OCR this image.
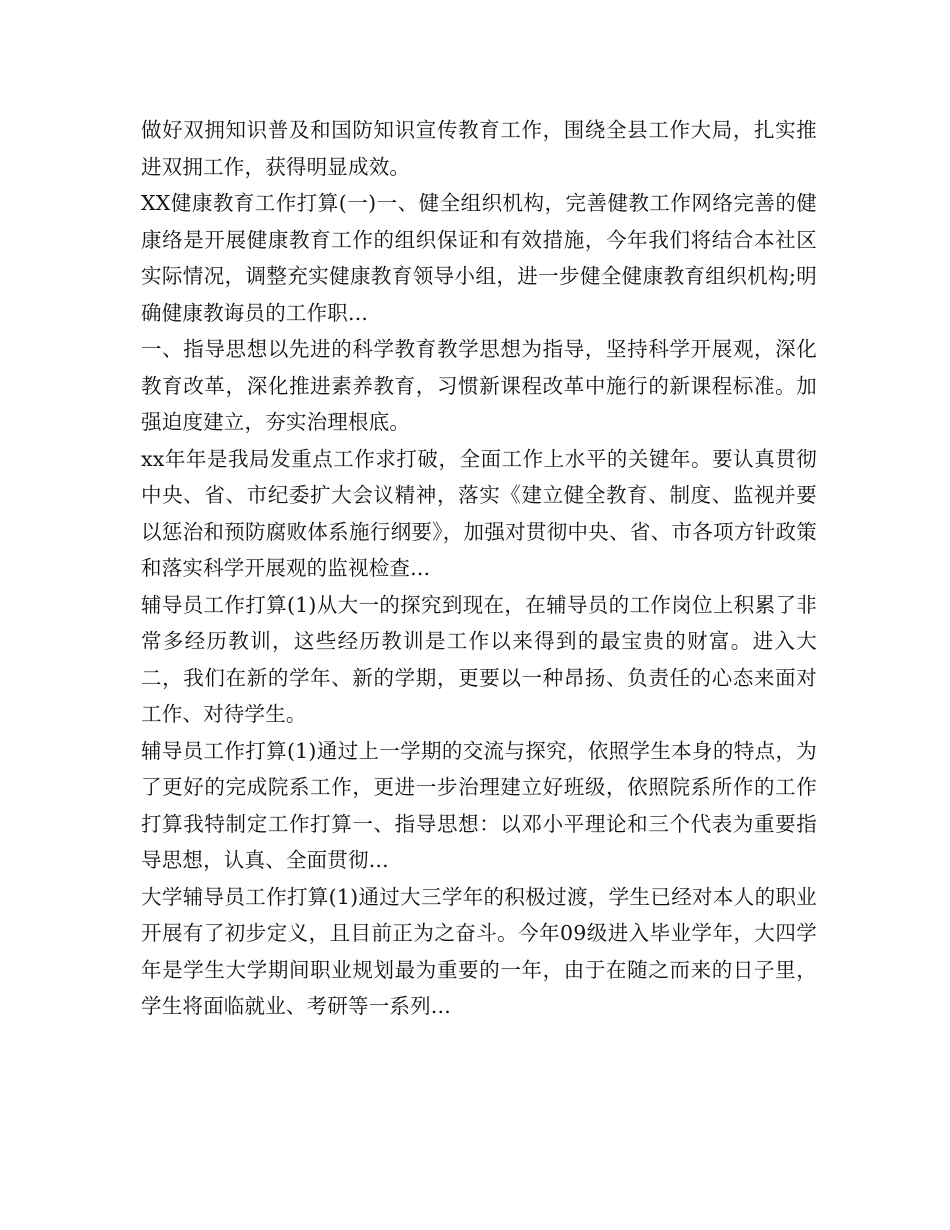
做好双拥知识普及和国防知识宣传教育工作，围绕全县工作大局，扎实推进双拥工作，获得明显成效。

XX健康教育工作打算(一)一、健全组织机构，完善健教工作网络完善的健康络是开展健康教育工作的组织保证和有效措施，今年我们将结合本社区实际情况，调整充实健康教育领导小组，进一步健全健康教育组织机构;明确健康教诲员的工作职...

一、指导思想以先进的科学教育教学思想为指导，坚持科学开展观，深化教育改革，深化推进素养教育，习惯新课程改革中施行的新课程标准。加强迫度建立，夯实治理根底。

xx年年是我局发重点工作求打破，全面工作上水平的关键年。要认真贯彻中央、省、市纪委扩大会议精神，落实《建立健全教育、制度、监视并要以惩治和预防腐败体系施行纲要》，加强对贯彻中央、省、市各项方针政策和落实科学开展观的监视检查...

辅导员工作打算(1)从大一的探究到现在，在辅导员的工作岗位上积累了非常多经历教训，这些经历教训是工作以来得到的最宝贵的财富。进入大二，我们在新的学年、新的学期，更要以一种昂扬、负责任的心态来面对工作、对待学生。

辅导员工作打算(1)通过上一学期的交流与探究，依照学生本身的特点，为了更好的完成院系工作，更进一步治理建立好班级，依照院系所作的工作打算我特制定工作打算一、指导思想：以邓小平理论和三个代表为重要指导思想，认真、全面贯彻...

大学辅导员工作打算(1)通过大三学年的积极过渡，学生已经对本人的职业开展有了初步定义，且目前正为之奋斗。今年09级进入毕业学年，大四学年是学生大学期间职业规划最为重要的一年，由于在随之而来的日子里，学生将面临就业、考研等一系列...
